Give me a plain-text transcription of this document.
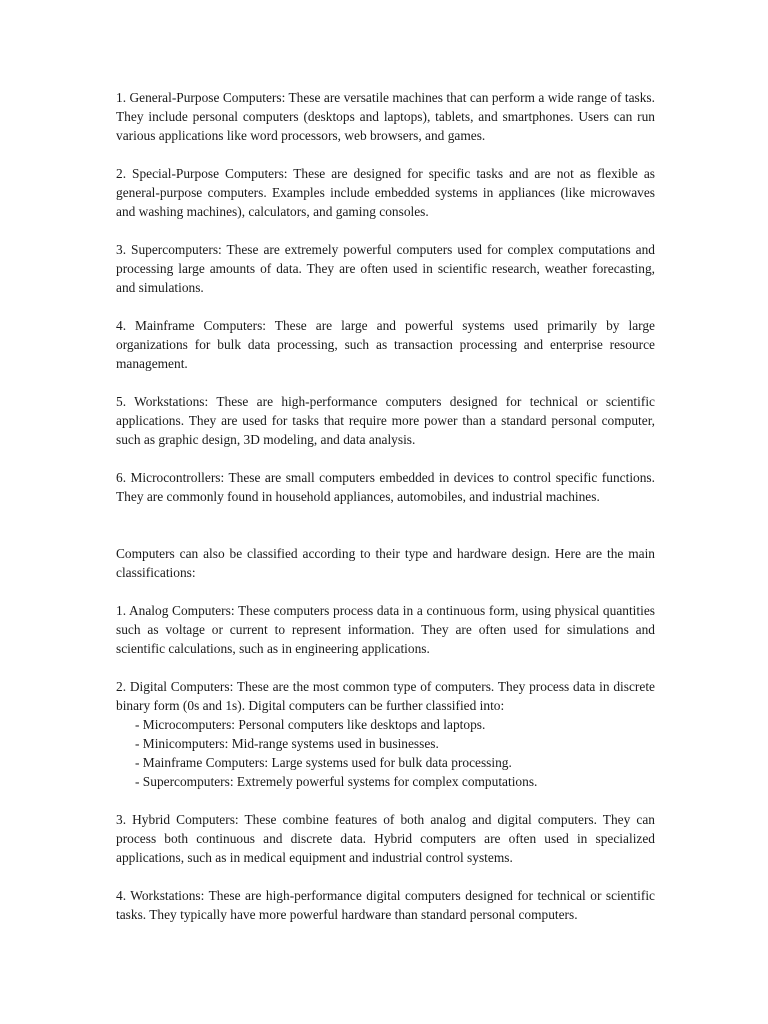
1. General-Purpose Computers: These are versatile machines that can perform a wide range of tasks. They include personal computers (desktops and laptops), tablets, and smartphones. Users can run various applications like word processors, web browsers, and games.

2. Special-Purpose Computers: These are designed for specific tasks and are not as flexible as general-purpose computers. Examples include embedded systems in appliances (like microwaves and washing machines), calculators, and gaming consoles.

3. Supercomputers: These are extremely powerful computers used for complex computations and processing large amounts of data. They are often used in scientific research, weather forecasting, and simulations.

4. Mainframe Computers: These are large and powerful systems used primarily by large organizations for bulk data processing, such as transaction processing and enterprise resource management.

5. Workstations: These are high-performance computers designed for technical or scientific applications. They are used for tasks that require more power than a standard personal computer, such as graphic design, 3D modeling, and data analysis.

6. Microcontrollers: These are small computers embedded in devices to control specific functions. They are commonly found in household appliances, automobiles, and industrial machines.

Computers can also be classified according to their type and hardware design. Here are the main classifications:

1. Analog Computers: These computers process data in a continuous form, using physical quantities such as voltage or current to represent information. They are often used for simulations and scientific calculations, such as in engineering applications.

2. Digital Computers: These are the most common type of computers. They process data in discrete binary form (0s and 1s). Digital computers can be further classified into:

- Microcomputers: Personal computers like desktops and laptops.
- Minicomputers: Mid-range systems used in businesses.
- Mainframe Computers: Large systems used for bulk data processing.
- Supercomputers: Extremely powerful systems for complex computations.

3. Hybrid Computers: These combine features of both analog and digital computers. They can process both continuous and discrete data. Hybrid computers are often used in specialized applications, such as in medical equipment and industrial control systems.

4. Workstations: These are high-performance digital computers designed for technical or scientific tasks. They typically have more powerful hardware than standard personal computers.
